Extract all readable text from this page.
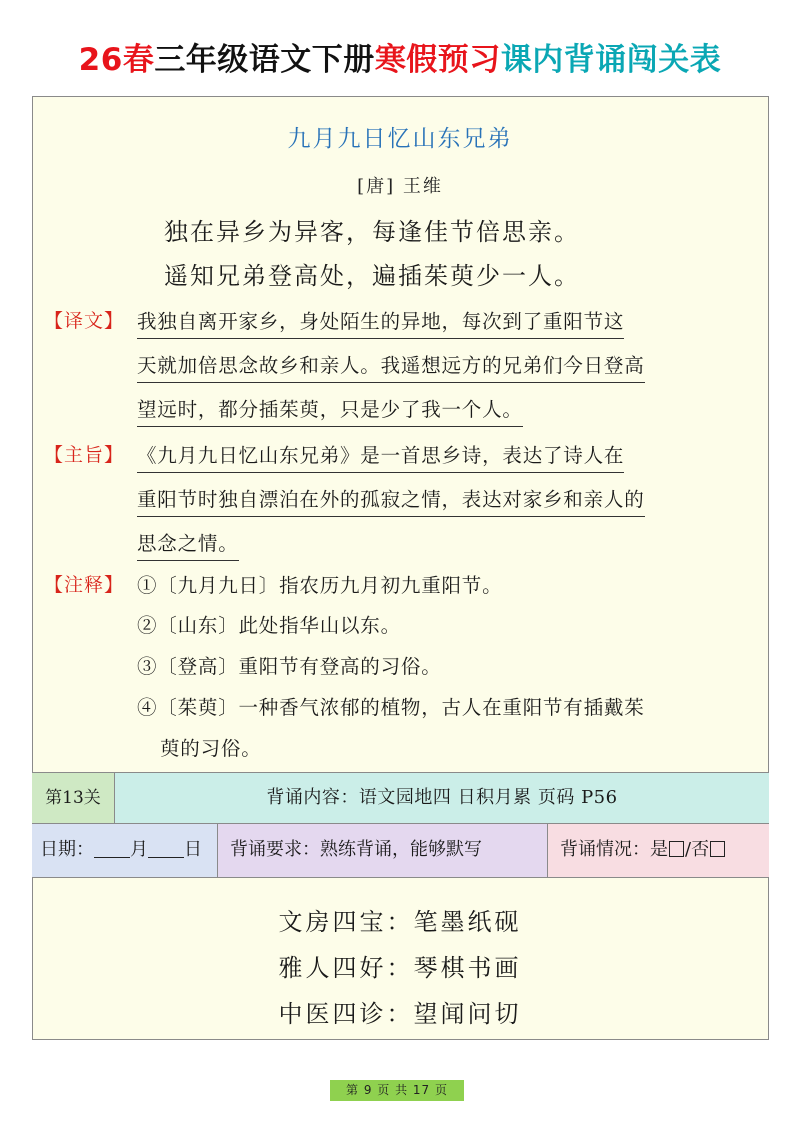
26春三年级语文下册寒假预习课内背诵闯关表
九月九日忆山东兄弟
[唐] 王维
独在异乡为异客，每逢佳节倍思亲。
遥知兄弟登高处，遍插茱萸少一人。
【译文】 我独自离开家乡，身处陌生的异地，每次到了重阳节这
天就加倍思念故乡和亲人。我遥想远方的兄弟们今日登高
望远时，都分插茱萸，只是少了我一个人。
【主旨】 《九月九日忆山东兄弟》是一首思乡诗，表达了诗人在
重阳节时独自漂泊在外的孤寂之情，表达对家乡和亲人的
思念之情。
【注释】 ①〔九月九日〕指农历九月初九重阳节。
②〔山东〕此处指华山以东。
③〔登高〕重阳节有登高的习俗。
④〔茱萸〕一种香气浓郁的植物，古人在重阳节有插戴茱
萸的习俗。
第13关	背诵内容：语文园地四 日积月累 页码 P56
日期： 月 日	背诵要求：熟练背诵，能够默写	背诵情况：是 /否
文房四宝：笔墨纸砚
雅人四好：琴棋书画
中医四诊：望闻问切
第 9 页 共 17 页
